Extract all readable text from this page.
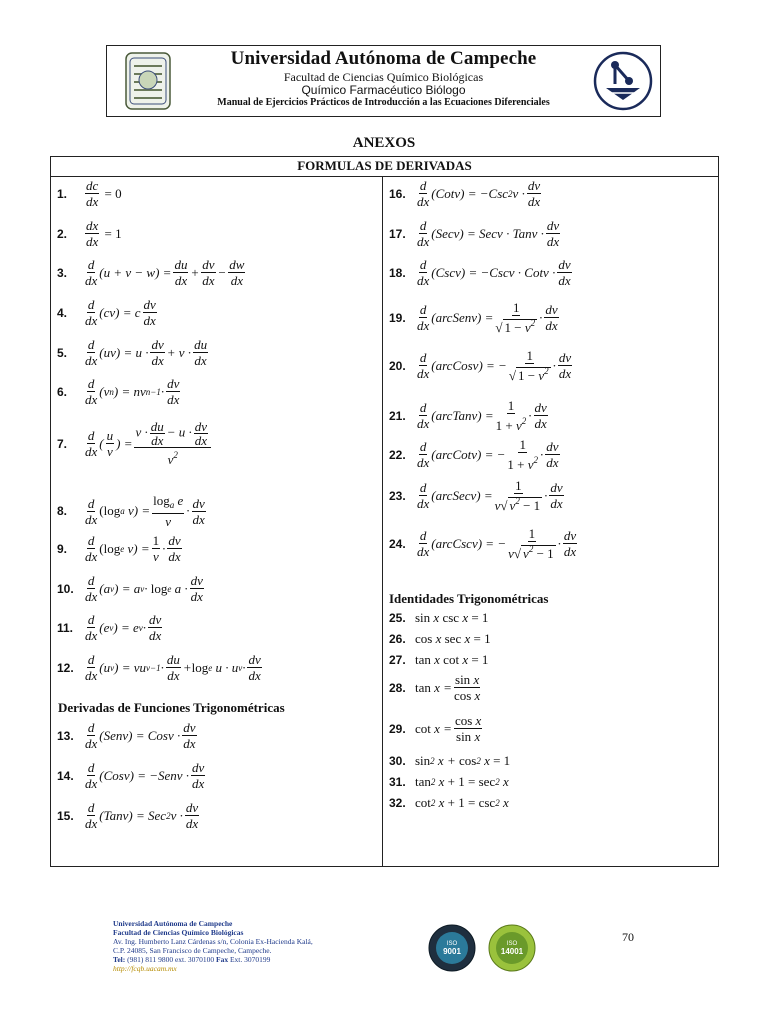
Universidad Autónoma de Campeche
Facultad de Ciencias Químico Biológicas
Químico Farmacéutico Biólogo
Manual de Ejercicios Prácticos de Introducción a las Ecuaciones Diferenciales
ANEXOS
FORMULAS DE DERIVADAS
1.	$\frac{dc}{dx} = 0$
2.	$\frac{dx}{dx} = 1$
3.	$\frac{d}{dx} (u + v - w) = \frac{du}{dx} + \frac{dv}{dx} - \frac{dw}{dx}$
4.	$\frac{d}{dx} (cv) = c \frac{dv}{dx}$
5.	$\frac{d}{dx} (uv) = u \cdot \frac{dv}{dx} + v \cdot \frac{du}{dx}$
6.	$\frac{d}{dx} (v$ n ) = nv $n-1 \cdot \frac{dv}{dx}$
7.	$\frac{d}{dx}$ ( $\frac{u}{v}$ ) = $\frac{v \cdot \frac{du}{dx} - u \cdot \frac{dv}{dx}}{v^2}$
8.	$\frac{d}{dx} (\log$ a $v) = \frac{\log_a e}{v} \cdot \frac{dv}{dx}$
9.	$\frac{d}{dx} (\log$ e $v) = \frac{1}{v} \cdot \frac{dv}{dx}$
10. $\frac{d}{dx} (a$ v ) = a v · log e $a \cdot \frac{dv}{dx}$
11. $\frac{d}{dx} (e$ v ) = e $v \cdot \frac{dv}{dx}$
12. $\frac{d}{dx} (u$ v ) = vu $v-1 \cdot \frac{du}{dx} + \log e$ u · u $v \cdot \frac{dv}{dx}$
Derivadas de Funciones Trigonométricas
13. $\frac{d}{dx}$ (Senv) = Cosv · $\frac{dv}{dx}$
14. $\frac{d}{dx}$ (Cosv) = −Senv · $\frac{dv}{dx}$
15. $\frac{d}{dx}$ (Tanv) = Sec 2 $v \cdot \frac{dv}{dx}$
16. $\frac{d}{dx}$ (Cotv) = −Csc 2 $v \cdot \frac{dv}{dx}$
17. $\frac{d}{dx}$ (Secv) = Secv · Tanv · $\frac{dv}{dx}$
18. $\frac{d}{dx}$ (Cscv) = −Cscv · Cotv · $\frac{dv}{dx}$
19. $\frac{d}{dx}$ (arcSenv) = $\frac{1}{√ 1 - v^2} \cdot \frac{dv}{dx}$
20. $\frac{d}{dx}$ (arcCosv) = − $\frac{1}{√ 1 - v^2} \cdot \frac{dv}{dx}$
21. $\frac{d}{dx}$ (arcTanv) = $\frac{1}{1 + v^2} \cdot \frac{dv}{dx}$
22. $\frac{d}{dx}$ (arcCotv) = − $\frac{1}{1 + v^2} \cdot \frac{dv}{dx}$
23. $\frac{d}{dx}$ (arcSecv) = $\frac{1}{v√ v^2 - 1} \cdot \frac{dv}{dx}$
24. $\frac{d}{dx}$ (arcCscv) = − $\frac{1}{v√ v^2 - 1} \cdot \frac{dv}{dx}$
Identidades Trigonométricas
25. sin x csc x = 1
26. cos x sec x = 1
27. tan x cot x = 1
28. $\tan x = \frac{\text{sin x}}{\text{cos x}}$
29. $\cot x = \frac{\text{cos x}}{\text{sin x}}$
30. sin 2 x + cos 2 x = 1
31. tan 2 x + 1 = sec 2 x
32. cot 2 x + 1 = csc 2 x
Universidad Autónoma de Campeche
Facultad de Ciencias Químico Biológicas
Av. Ing. Humberto Lanz Cárdenas s/n, Colonia Ex-Hacienda Kalá,
C.P. 24085, San Francisco de Campeche, Campeche.
Tel: (981) 811 9800 ext. 3070100 Fax Ext. 3070199
http://fcqb.uacam.mx
ISO
9001
ISO
14001
70
